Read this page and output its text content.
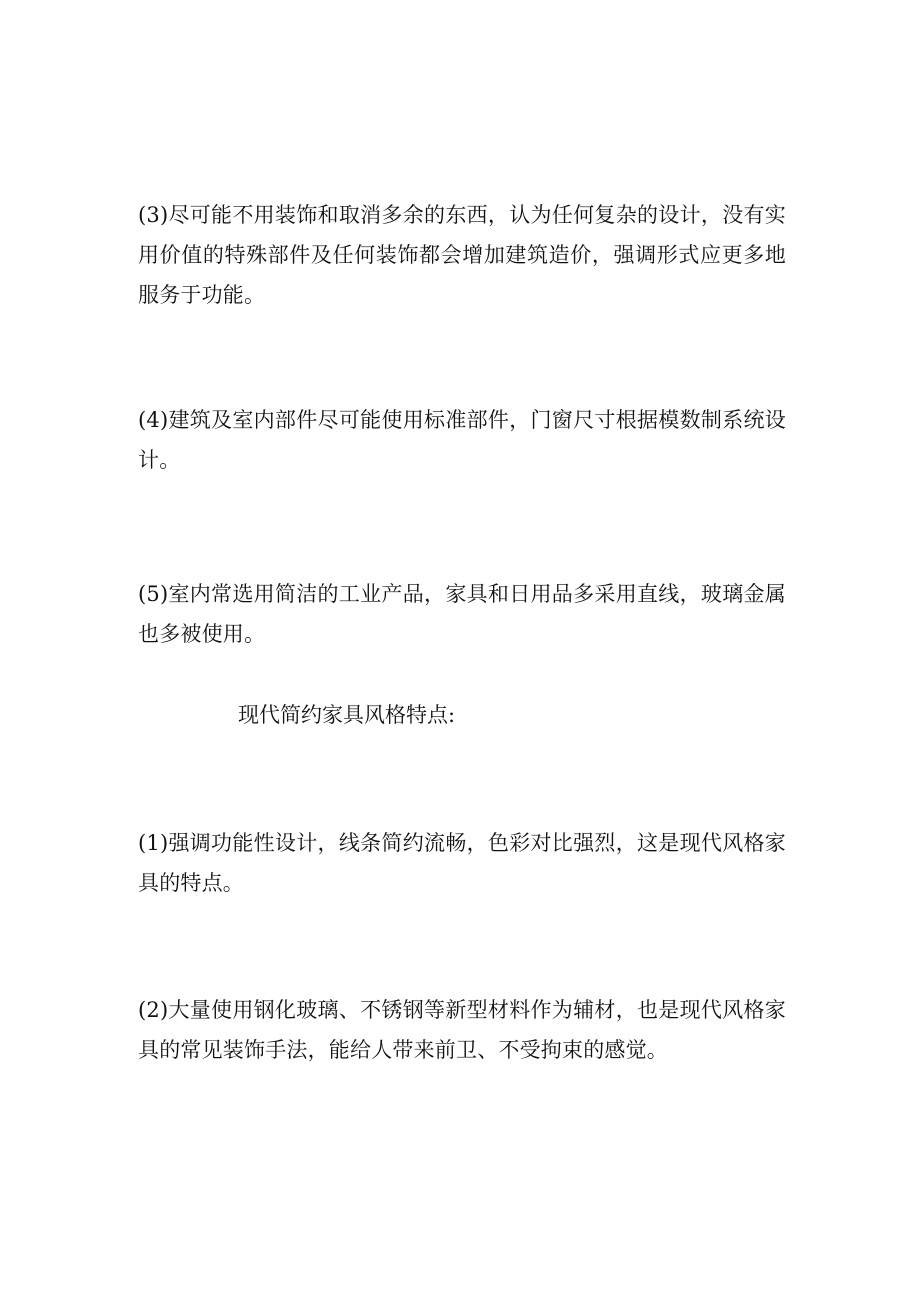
(3)尽可能不用装饰和取消多余的东西，认为任何复杂的设计，没有实用价值的特殊部件及任何装饰都会增加建筑造价，强调形式应更多地服务于功能。

(4)建筑及室内部件尽可能使用标准部件，门窗尺寸根据模数制系统设计。

(5)室内常选用简洁的工业产品，家具和日用品多采用直线，玻璃金属也多被使用。

现代简约家具风格特点:

(1)强调功能性设计，线条简约流畅，色彩对比强烈，这是现代风格家具的特点。

(2)大量使用钢化玻璃、不锈钢等新型材料作为辅材，也是现代风格家具的常见装饰手法，能给人带来前卫、不受拘束的感觉。
